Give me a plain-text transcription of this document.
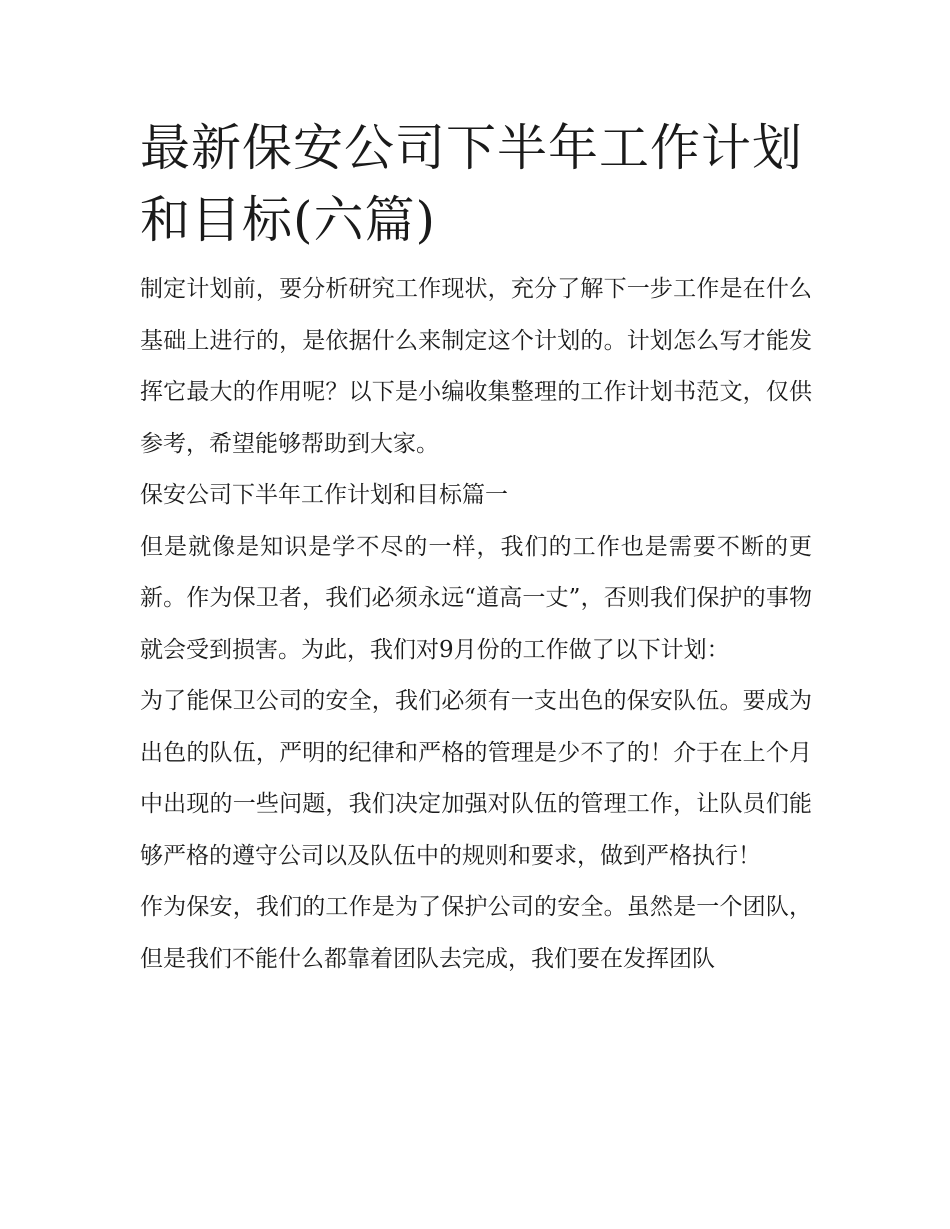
最新保安公司下半年工作计划和目标(六篇)

制定计划前，要分析研究工作现状，充分了解下一步工作是在什么基础上进行的，是依据什么来制定这个计划的。计划怎么写才能发挥它最大的作用呢？以下是小编收集整理的工作计划书范文，仅供参考，希望能够帮助到大家。

保安公司下半年工作计划和目标篇一

但是就像是知识是学不尽的一样，我们的工作也是需要不断的更新。作为保卫者，我们必须永远“道高一丈”，否则我们保护的事物就会受到损害。为此，我们对9月份的工作做了以下计划：

为了能保卫公司的安全，我们必须有一支出色的保安队伍。要成为出色的队伍，严明的纪律和严格的管理是少不了的！介于在上个月中出现的一些问题，我们决定加强对队伍的管理工作，让队员们能够严格的遵守公司以及队伍中的规则和要求，做到严格执行！

作为保安，我们的工作是为了保护公司的安全。虽然是一个团队，但是我们不能什么都靠着团队去完成，我们要在发挥团队
